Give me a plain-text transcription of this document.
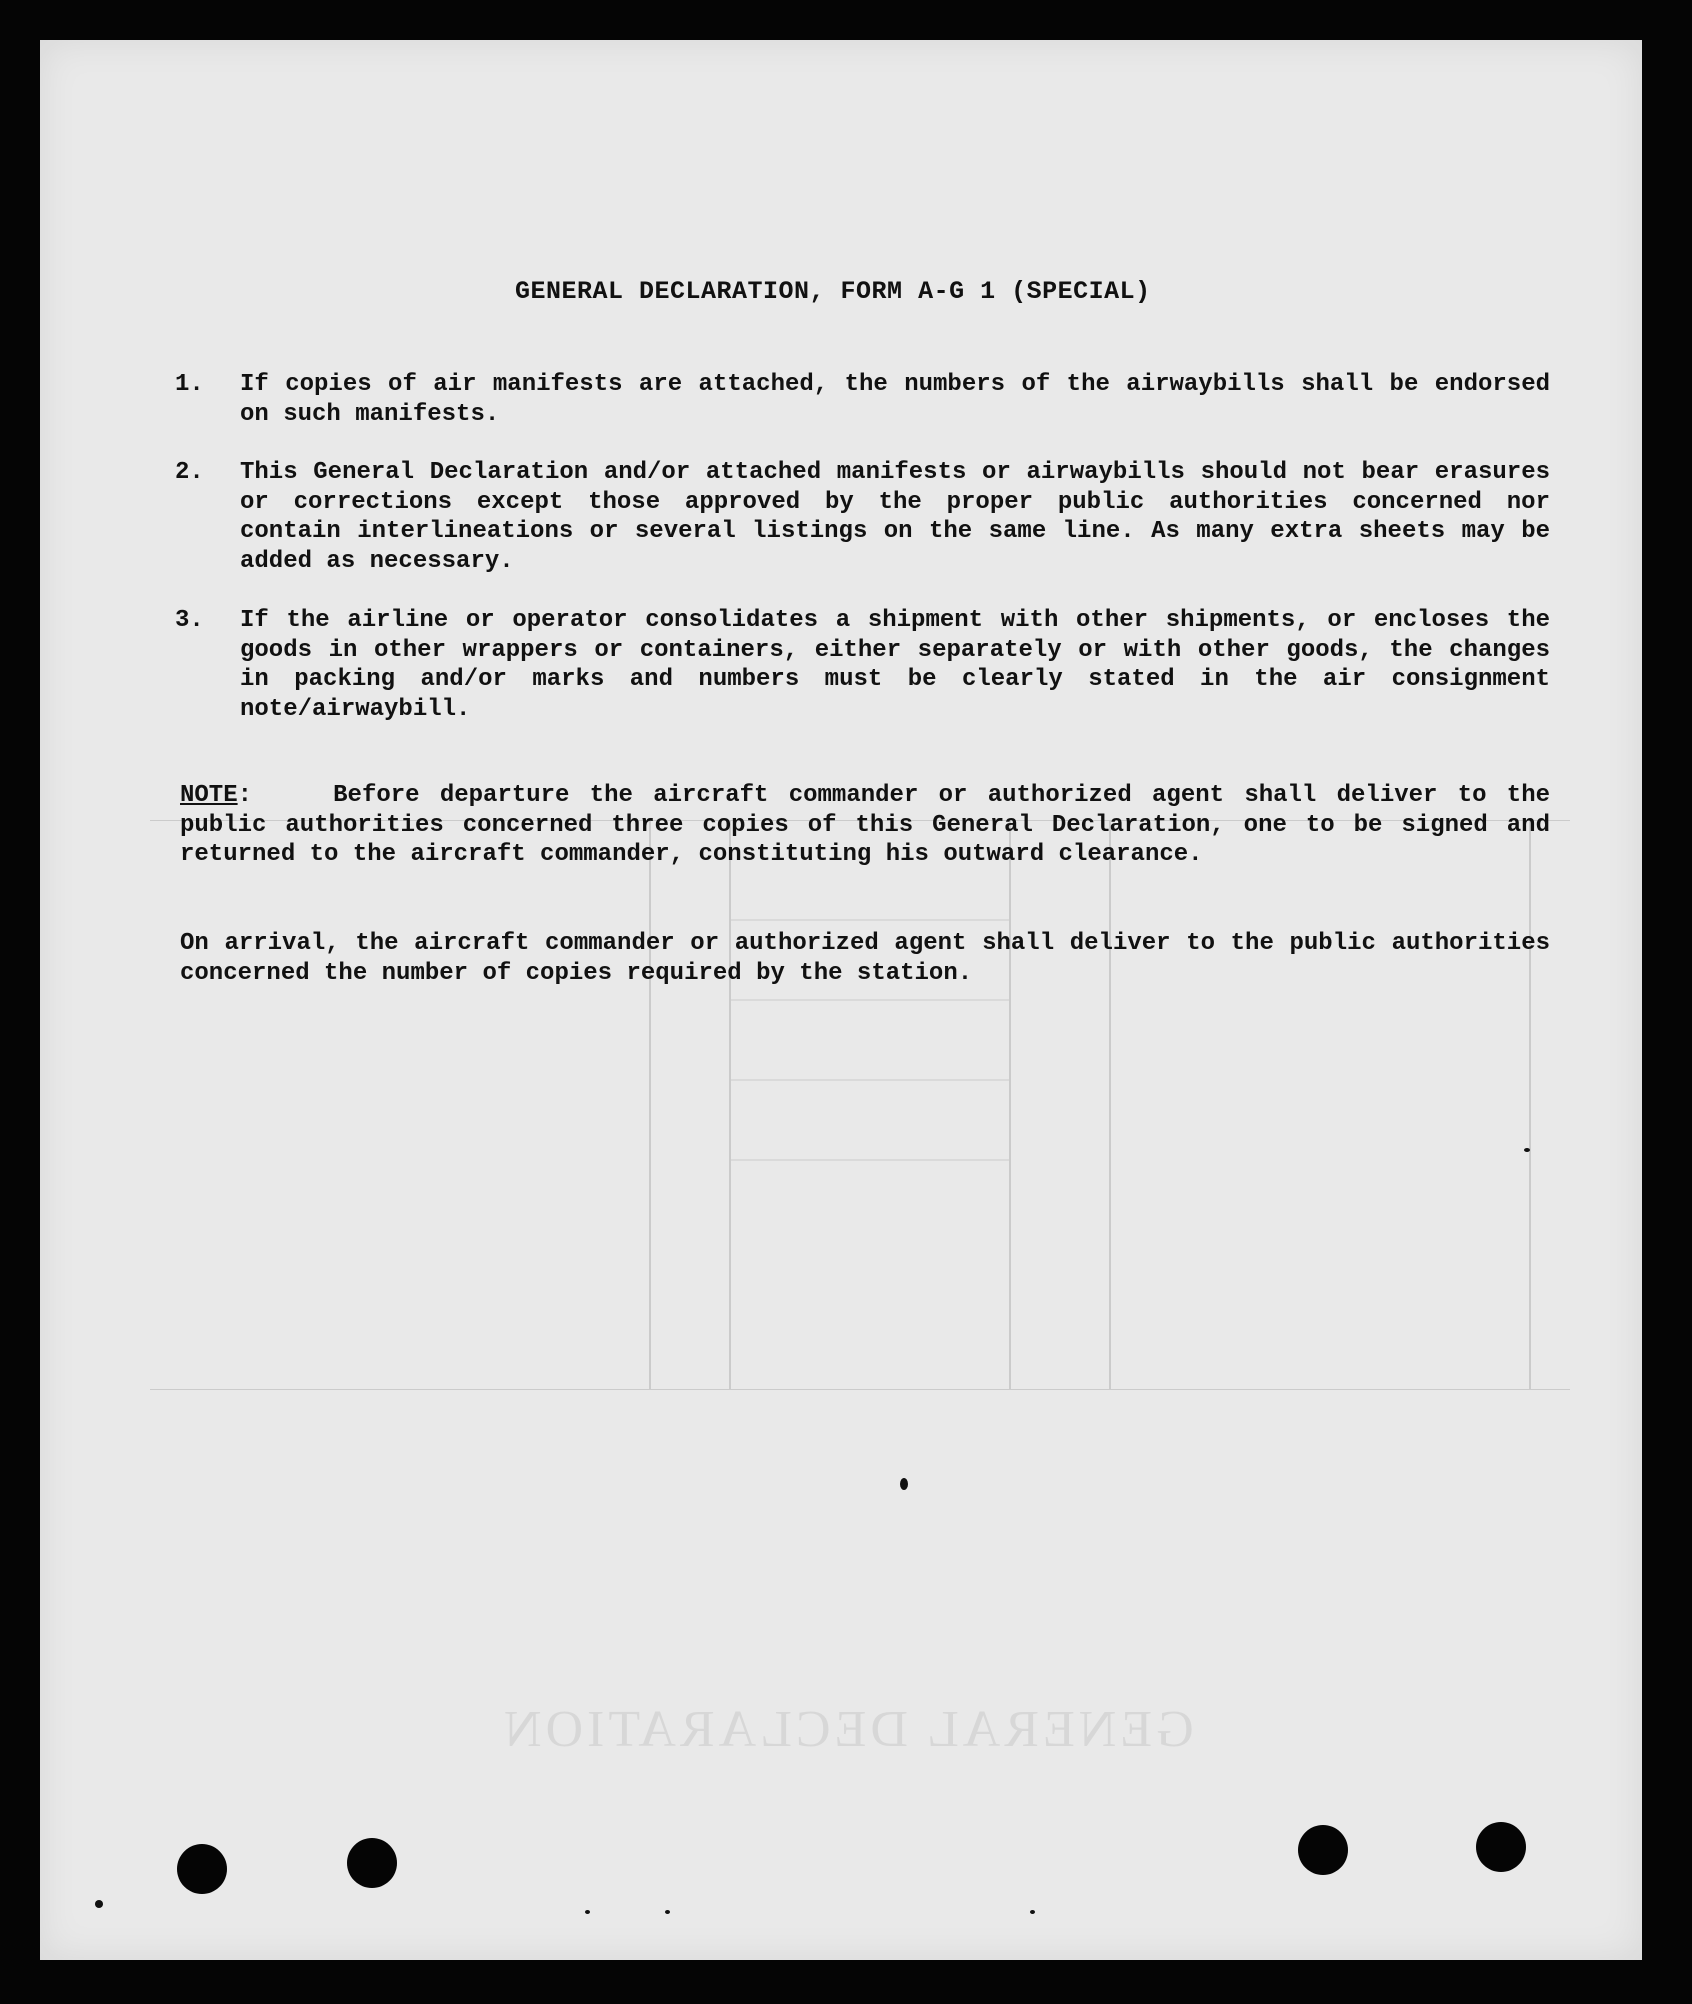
GENERAL DECLARATION
GENERAL DECLARATION, FORM A-G 1 (SPECIAL)
1. If copies of air manifests are attached, the numbers of the airwaybills shall be endorsed on such manifests.
2. This General Declaration and/or attached manifests or airwaybills should not bear erasures or corrections except those approved by the proper public authorities concerned nor contain interlineations or several listings on the same line. As many extra sheets may be added as necessary.
3. If the airline or operator consolidates a shipment with other shipments, or encloses the goods in other wrappers or containers, either separately or with other goods, the changes in packing and/or marks and numbers must be clearly stated in the air consignment note/airwaybill.
NOTE:    Before departure the aircraft commander or authorized agent shall deliver to the public authorities concerned three copies of this General Declaration, one to be signed and returned to the aircraft commander, constituting his outward clearance.
On arrival, the aircraft commander or authorized agent shall deliver to the public authorities concerned the number of copies required by the station.
